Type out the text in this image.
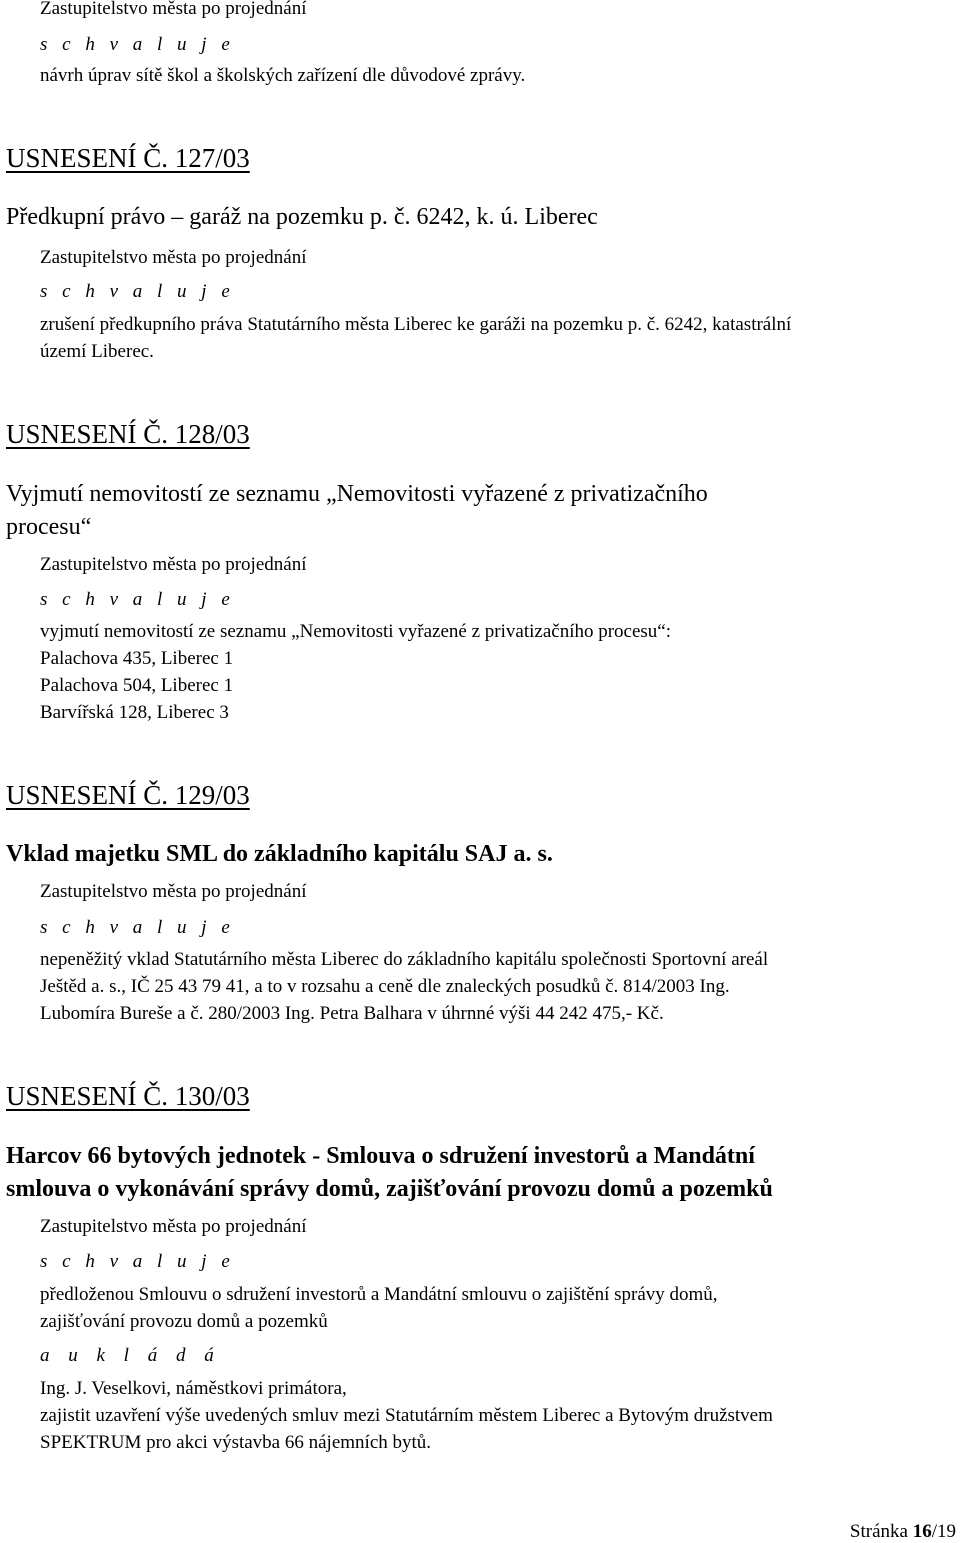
Zastupitelstvo města po projednání
s c h v a l u j e
návrh úprav sítě škol a školských zařízení dle důvodové zprávy.
USNESENÍ Č. 127/03
Předkupní právo – garáž na pozemku p. č. 6242, k. ú. Liberec
Zastupitelstvo města po projednání
s c h v a l u j e
zrušení předkupního práva Statutárního města Liberec ke garáži na pozemku p. č. 6242, katastrální
území Liberec.
USNESENÍ Č. 128/03
Vyjmutí nemovitostí ze seznamu „Nemovitosti vyřazené z privatizačního
procesu“
Zastupitelstvo města po projednání
s c h v a l u j e
vyjmutí nemovitostí ze seznamu „Nemovitosti vyřazené z privatizačního procesu“:
Palachova 435, Liberec 1
Palachova 504, Liberec 1
Barvířská 128, Liberec 3
USNESENÍ Č. 129/03
Vklad majetku SML do základního kapitálu SAJ a. s.
Zastupitelstvo města po projednání
s c h v a l u j e
nepeněžitý vklad Statutárního města Liberec do základního kapitálu společnosti Sportovní areál
Ještěd a. s., IČ 25 43 79 41, a to v rozsahu a ceně dle znaleckých posudků č. 814/2003 Ing.
Lubomíra Bureše a č. 280/2003 Ing. Petra Balhara v úhrnné výši 44 242 475,- Kč.
USNESENÍ Č. 130/03
Harcov 66 bytových jednotek - Smlouva o sdružení investorů a Mandátní
smlouva o vykonávání správy domů, zajišťování provozu domů a pozemků
Zastupitelstvo města po projednání
s c h v a l u j e
předloženou Smlouvu o sdružení investorů a Mandátní smlouvu o zajištění správy domů,
zajišťování provozu domů a pozemků
a u k l á d á
Ing. J. Veselkovi, náměstkovi primátora,
zajistit uzavření výše uvedených smluv mezi Statutárním městem Liberec a Bytovým družstvem
SPEKTRUM pro akci výstavba 66 nájemních bytů.
Stránka 16/19
